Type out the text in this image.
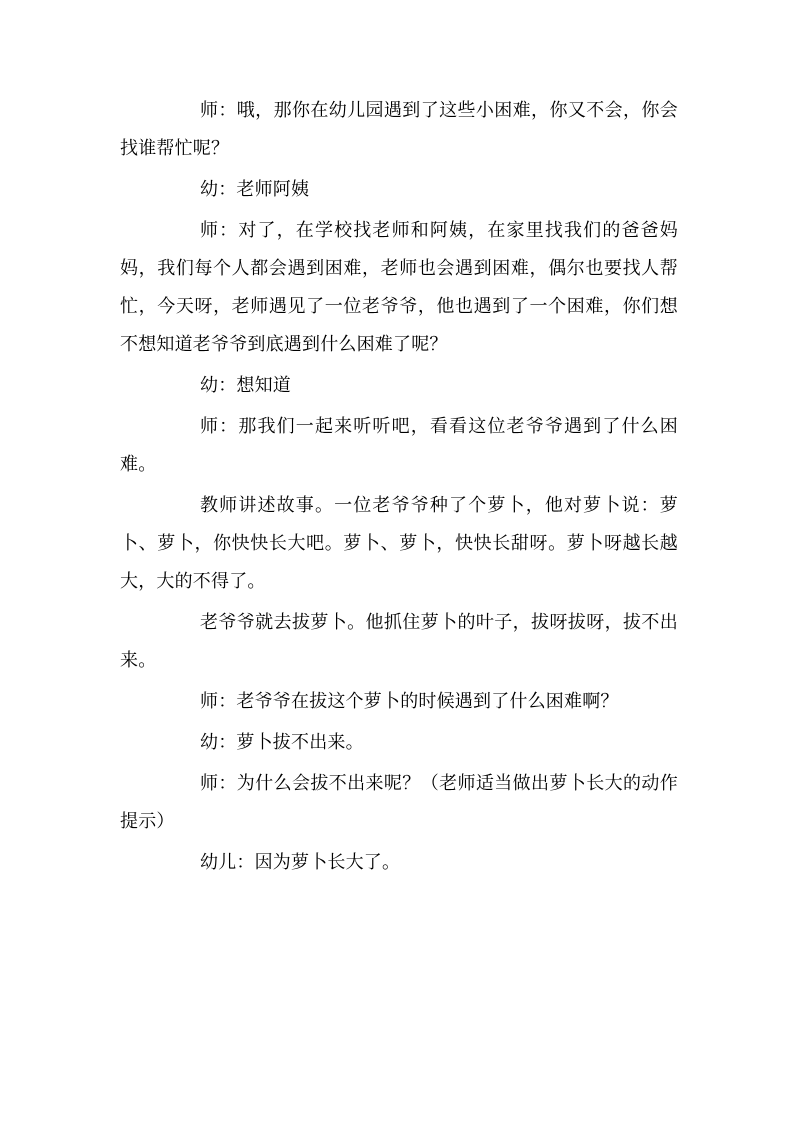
师：哦，那你在幼儿园遇到了这些小困难，你又不会，你会找谁帮忙呢？

幼：老师阿姨

师：对了，在学校找老师和阿姨，在家里找我们的爸爸妈妈，我们每个人都会遇到困难，老师也会遇到困难，偶尔也要找人帮忙，今天呀，老师遇见了一位老爷爷，他也遇到了一个困难，你们想不想知道老爷爷到底遇到什么困难了呢？

幼：想知道

师：那我们一起来听听吧，看看这位老爷爷遇到了什么困难。

教师讲述故事。一位老爷爷种了个萝卜，他对萝卜说：萝卜、萝卜，你快快长大吧。萝卜、萝卜，快快长甜呀。萝卜呀越长越大，大的不得了。

老爷爷就去拔萝卜。他抓住萝卜的叶子，拔呀拔呀，拔不出来。

师：老爷爷在拔这个萝卜的时候遇到了什么困难啊？

幼：萝卜拔不出来。

师：为什么会拔不出来呢？（老师适当做出萝卜长大的动作提示）

幼儿：因为萝卜长大了。
